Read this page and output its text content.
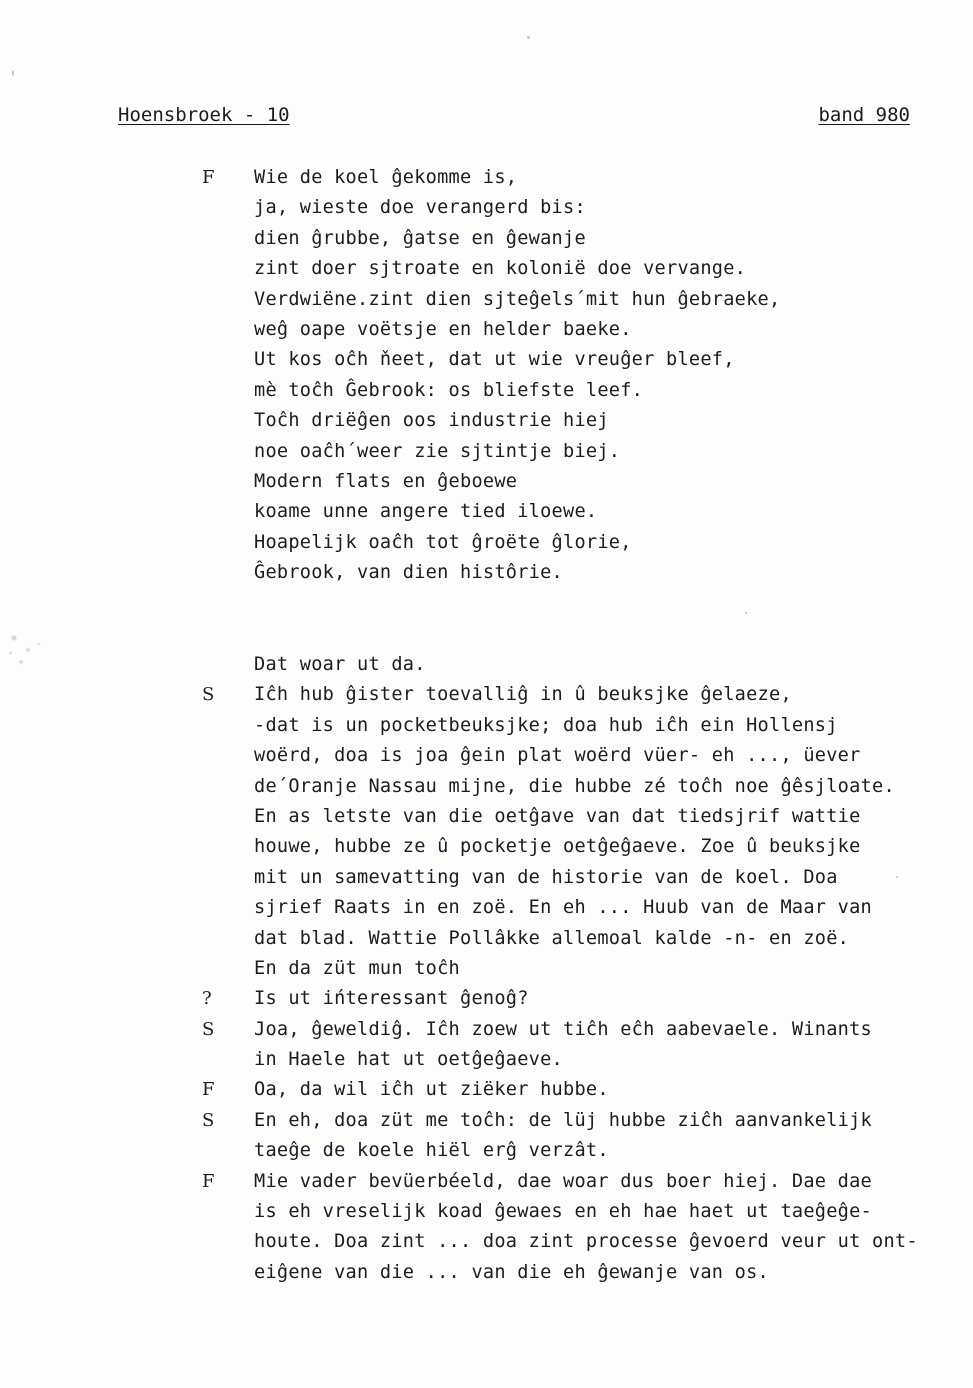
Hoensbroek - 10	band 980
F	Wie de koel ĝekomme is,
ja, wieste doe verangerd bis:
dien ĝrubbe, ĝatse en ĝewanje
zint doer sjtroate en kolonië doe vervange.
Verdwiëne.zint dien sjteĝels´mit hun ĝebraeke,
weĝ oape voëtsje en helder baeke.
Ut kos oĉh ňeet, dat ut wie vreuĝer bleef,
mè toĉh Ĝebrook: os bliefste leef.
Toĉh driëĝen oos industrie hiej
noe oaĉh´weer zie sjtintje biej.
Modern flats en ĝeboewe
koame unne angere tied iloewe.
Hoapelijk oaĉh tot ĝroëte ĝlorie,
Ĝebrook, van dien histôrie.
Dat woar ut da.
S	Iĉh hub ĝister toevalliĝ in û beuksjke ĝelaeze,
-dat is un pocketbeuksjke; doa hub iĉh ein Hollensj
woërd, doa is joa ĝein plat woërd vüer- eh ..., üever
de´Oranje Nassau mijne, die hubbe zé toĉh noe ĝêsjloate.
En as letste van die oetĝave van dat tiedsjrif wattie
houwe, hubbe ze û pocketje oetĝeĝaeve. Zoe û beuksjke
mit un samevatting van de historie van de koel. Doa
sjrief Raats in en zoë. En eh ... Huub van de Maar van
dat blad. Wattie Pollâkke allemoal kalde -n- en zoë.
En da züt mun toĉh
?	Is ut ińteressant ĝenoĝ?
S	Joa, ĝeweldiĝ. Iĉh zoew ut tiĉh eĉh aabevaele. Winants
in Haele hat ut oetĝeĝaeve.
F	Oa, da wil iĉh ut ziëker hubbe.
S	En eh, doa züt me toĉh: de lüj hubbe ziĉh aanvankelijk
taeĝe de koele hiël erĝ verzât.
F	Mie vader bevüerbéeld, dae woar dus boer hiej. Dae dae
is eh vreselijk koad ĝewaes en eh hae haet ut taeĝeĝe-
houte. Doa zint ... doa zint processe ĝevoerd veur ut ont-
eiĝene van die ... van die eh ĝewanje van os.
